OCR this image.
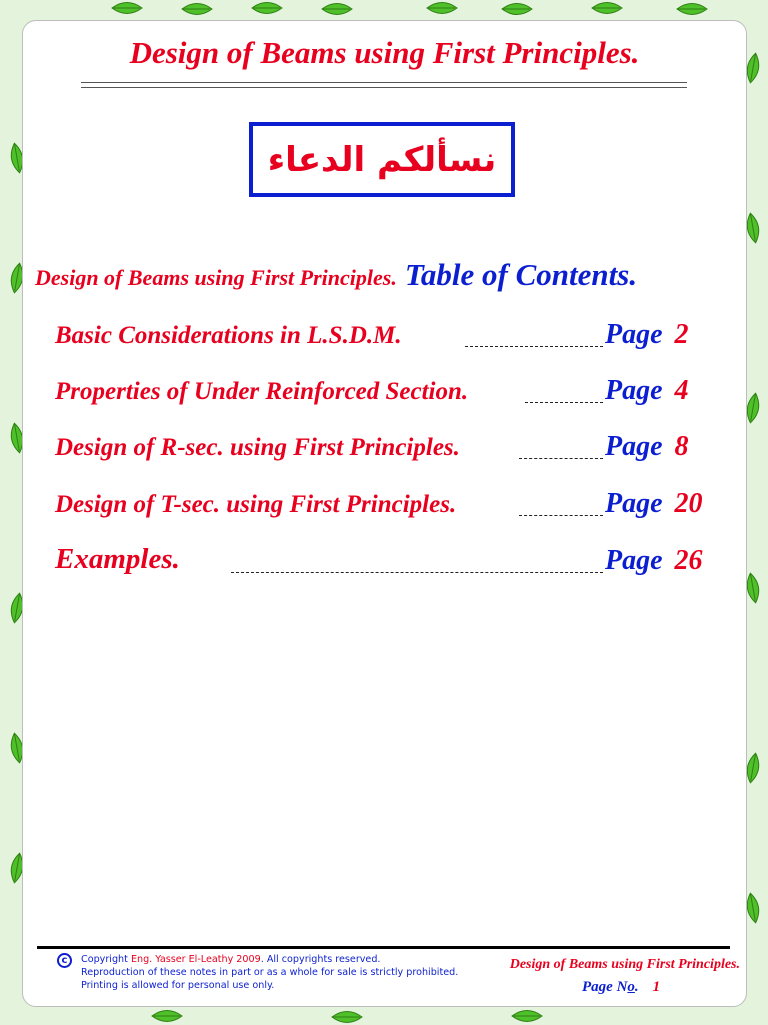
Design of Beams using First Principles.
نسألكم الدعاء
Design of Beams using First Principles. Table of Contents.
Basic Considerations in L.S.D.M.	Page 2
Properties of Under Reinforced Section.	Page 4
Design of R-sec. using First Principles.	Page 8
Design of T-sec. using First Principles.	Page 20
Examples.	Page 26
c	Copyright Eng. Yasser El-Leathy 2009. All copyrights reserved.
Reproduction of these notes in part or as a whole for sale is strictly prohibited.
Printing is allowed for personal use only.
Design of Beams using First Principles.
Page No. 1
